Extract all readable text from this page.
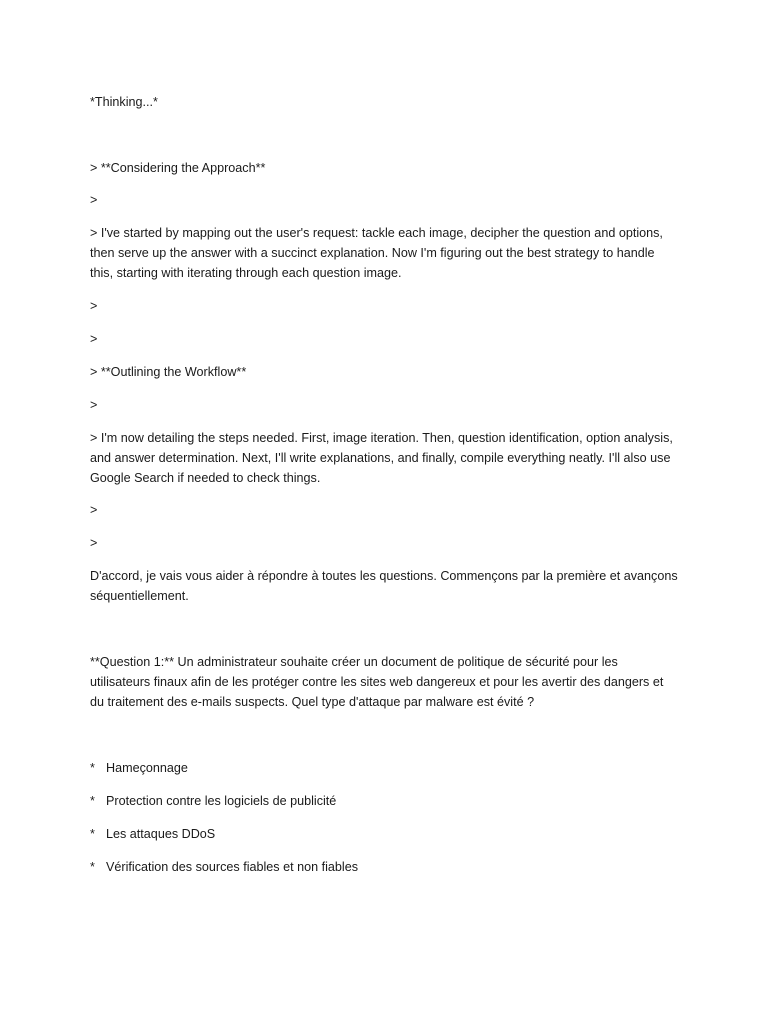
*Thinking...*

> **Considering the Approach**

>

> I've started by mapping out the user's request: tackle each image, decipher the question and options, then serve up the answer with a succinct explanation. Now I'm figuring out the best strategy to handle this, starting with iterating through each question image.

>

>

> **Outlining the Workflow**

>

> I'm now detailing the steps needed. First, image iteration. Then, question identification, option analysis, and answer determination. Next, I'll write explanations, and finally, compile everything neatly. I'll also use Google Search if needed to check things.

>

>

D'accord, je vais vous aider à répondre à toutes les questions. Commençons par la première et avançons séquentiellement.

**Question 1:** Un administrateur souhaite créer un document de politique de sécurité pour les utilisateurs finaux afin de les protéger contre les sites web dangereux et pour les avertir des dangers et du traitement des e-mails suspects. Quel type d'attaque par malware est évité ?

* Hameçonnage

* Protection contre les logiciels de publicité

* Les attaques DDoS

* Vérification des sources fiables et non fiables
